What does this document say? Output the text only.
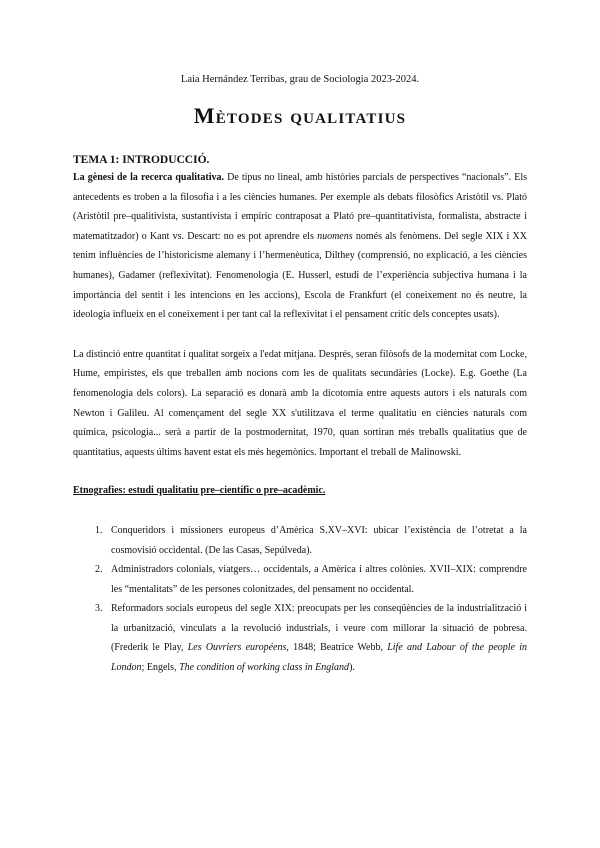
Laia Hernández Terribas, grau de Sociologia 2023-2024.
Mètodes qualitatius
TEMA 1: INTRODUCCIÓ.

La gènesi de la recerca qualitativa. De tipus no lineal, amb històries parcials de perspectives “nacionals”. Els antecedents es troben a la filosofia i a les ciències humanes. Per exemple als debats filosòfics Aristòtil vs. Plató (Aristòtil pre–qualitivista, sustantivista i empíric contraposat a Plató pre–quantitativista, formalista, abstracte i matematitzador) o Kant vs. Descart: no es pot aprendre els nuomens només als fenòmens. Del segle XIX i XX tenim influències de l’historicisme alemany i l’hermenèutica, Dilthey (comprensió, no explicació, a les ciències humanes), Gadamer (reflexivitat). Fenomenologia (E. Husserl, estudi de l’experiència subjectiva humana i la importància del sentit i les intencions en les accions), Escola de Frankfurt (el coneixement no és neutre, la ideologia influeix en el coneixement i per tant cal la reflexivitat i el pensament crític dels conceptes usats).

La distinció entre quantitat i qualitat sorgeix a l'edat mitjana. Després, seran filòsofs de la modernitat com Locke, Hume, empiristes, els que treballen amb nocions com les de qualitats secundàries (Locke). E.g. Goethe (La fenomenologia dels colors). La separació es donarà amb la dicotomia entre aquests autors i els naturals com Newton i Galileu. Al començament del segle XX s'utilitzava el terme qualitatiu en ciències naturals com química, psicologia... serà a partir de la postmodernitat, 1970, quan sortiran més treballs qualitatius que de quantitatius, aquests últims havent estat els més hegemònics. Important el treball de Malinowski.

Etnografies: estudi qualitatiu pre–científic o pre–acadèmic.

1. Conqueridors i missioners europeus d’Amèrica S.XV–XVI: ubicar l’existència de l’otretat a la cosmovisió occidental. (De las Casas, Sepúlveda).
2. Administradors colonials, viatgers… occidentals, a Amèrica i altres colònies. XVII–XIX: comprendre les “mentalitats” de les persones colonitzades, del pensament no occidental.
3. Reformadors socials europeus del segle XIX: preocupats per les conseqüències de la industrialització i la urbanització, vinculats a la revolució industrials, i veure com millorar la situació de pobresa. (Frederik le Play, Les Ouvriers européens, 1848; Beatrice Webb, Life and Labour of the people in London; Engels, The condition of working class in England).
